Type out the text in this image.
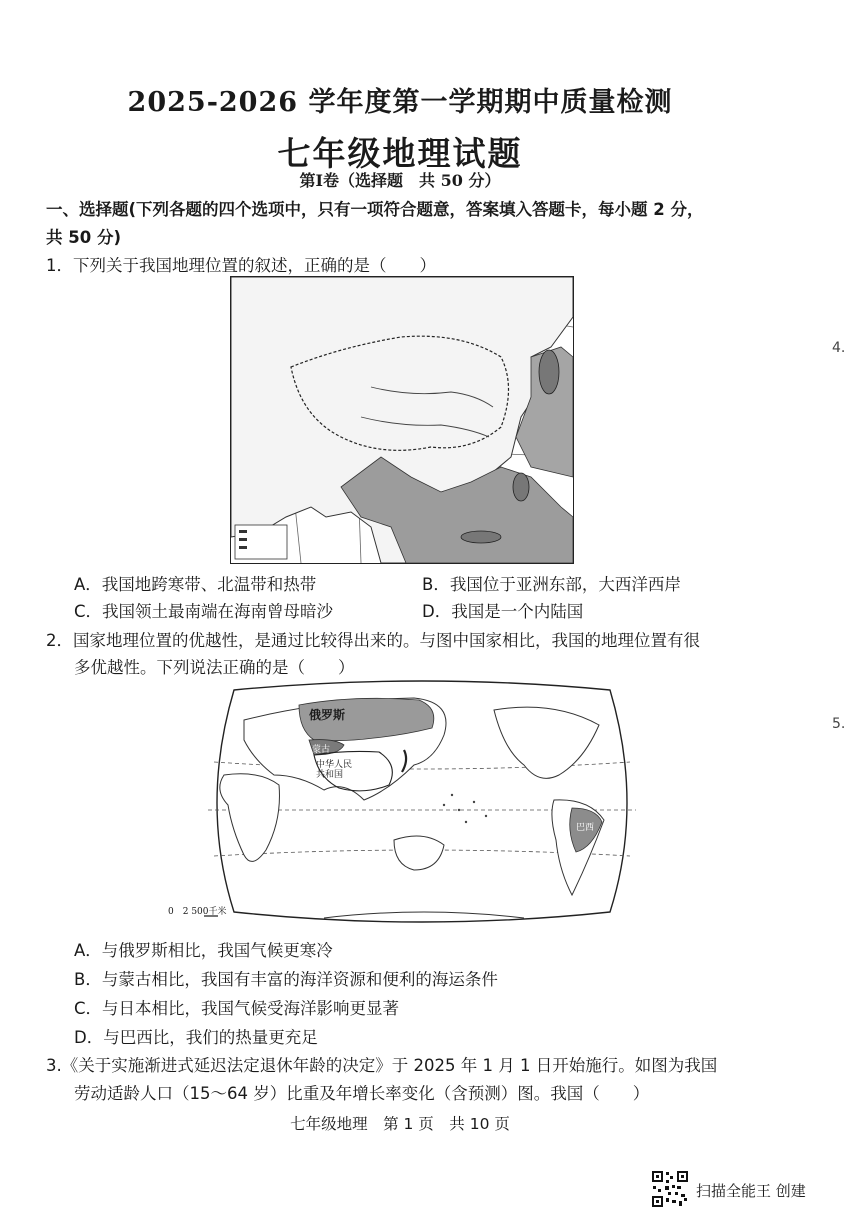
2025-2026 学年度第一学期期中质量检测
七年级地理试题
第Ⅰ卷（选择题　共 50 分）
一、选择题(下列各题的四个选项中，只有一项符合题意，答案填入答题卡，每小题 2 分，
共 50 分)
4.
5.
1．下列关于我国地理位置的叙述，正确的是（　　）
A．我国地跨寒带、北温带和热带	B．我国位于亚洲东部，大西洋西岸
C．我国领土最南端在海南曾母暗沙	D．我国是一个内陆国
2．国家地理位置的优越性，是通过比较得出来的。与图中国家相比，我国的地理位置有很
多优越性。下列说法正确的是（　　）
俄罗斯
蒙古
中华人民共和国
巴西
0　2 500千米
A．与俄罗斯相比，我国气候更寒冷
B．与蒙古相比，我国有丰富的海洋资源和便利的海运条件
C．与日本相比，我国气候受海洋影响更显著
D．与巴西比，我们的热量更充足
3.《关于实施渐进式延迟法定退休年龄的决定》于 2025 年 1 月 1 日开始施行。如图为我国
劳动适龄人口（15～64 岁）比重及年增长率变化（含预测）图。我国（　　）
七年级地理　第 1 页　共 10 页
扫描全能王 创建
